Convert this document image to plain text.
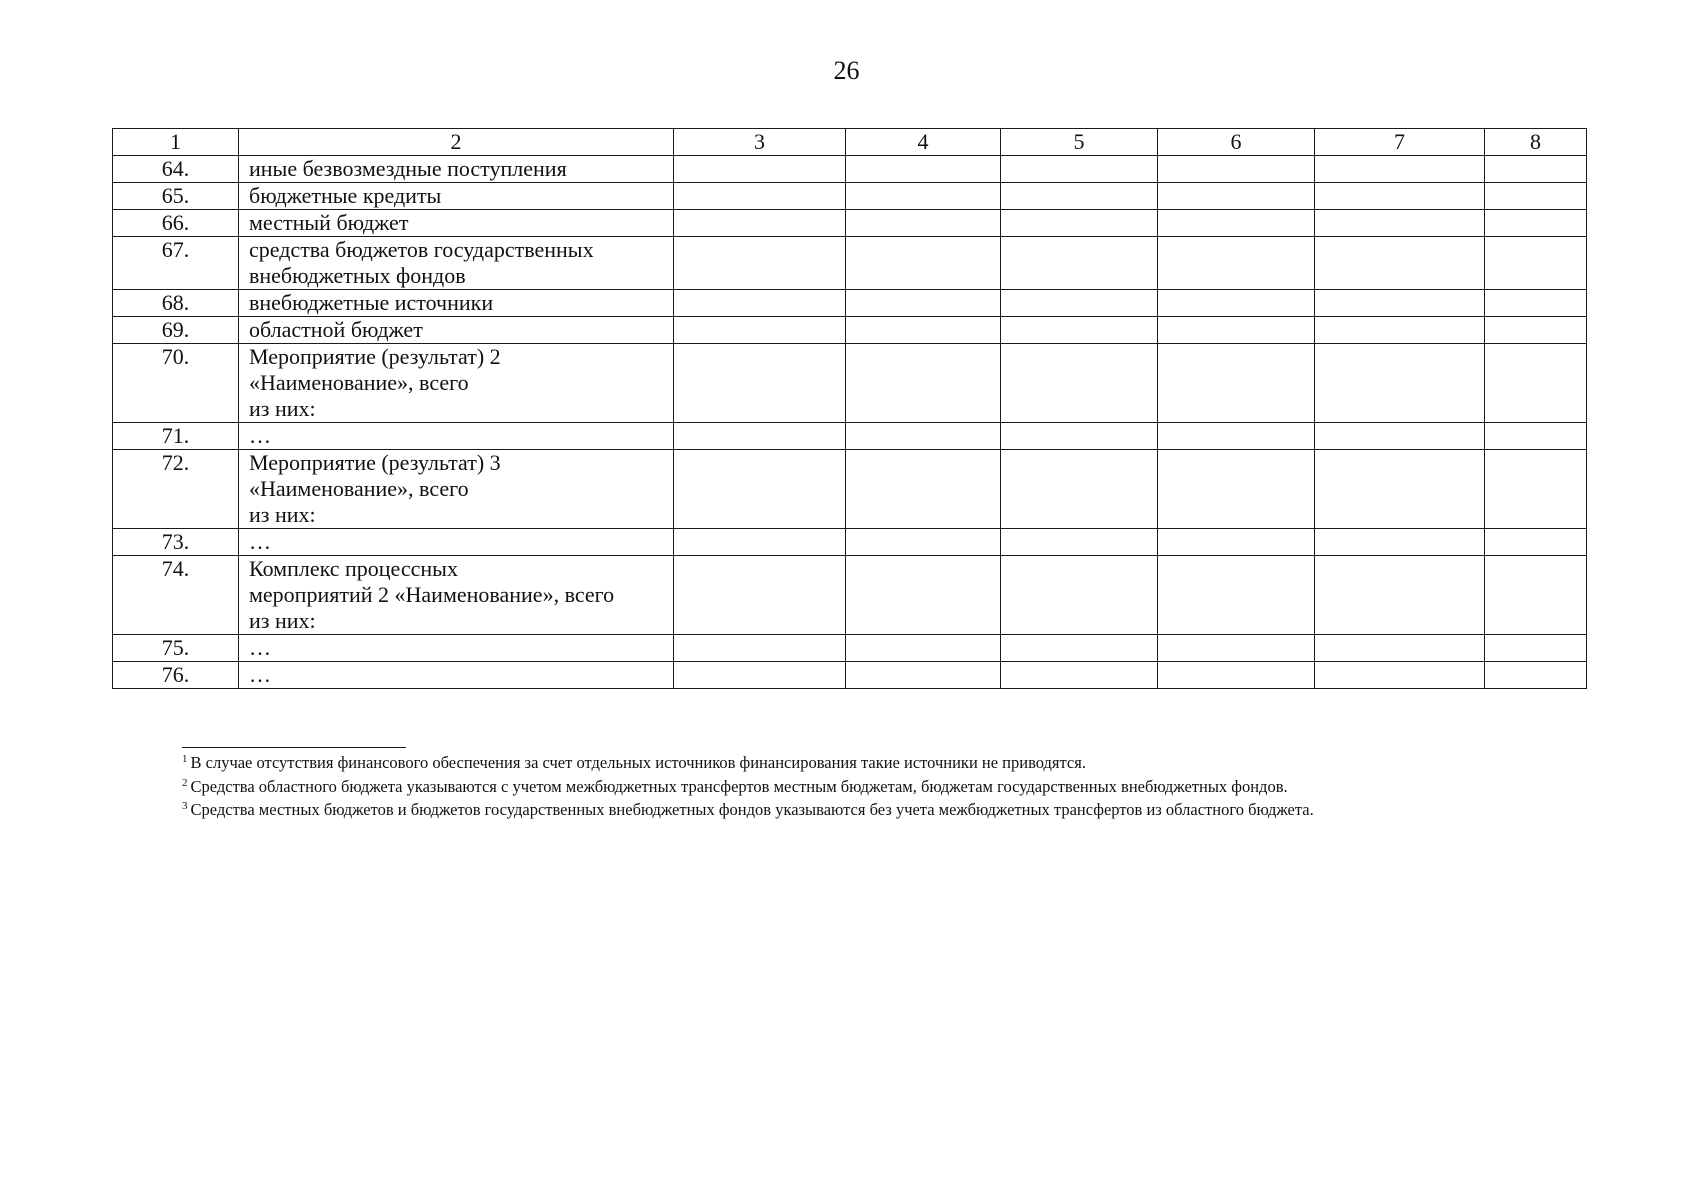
26
1	2	3	4	5	6	7	8
64.	иные безвозмездные поступления						

65.	бюджетные кредиты						

66.	местный бюджет						

67.	средства бюджетов государственных
внебюджетных фондов						

68.	внебюджетные источники						

69.	областной бюджет						

70.	Мероприятие (результат) 2
«Наименование», всего
из них:						

71.	…						

72.	Мероприятие (результат) 3
«Наименование», всего
из них:						

73.	…						

74.	Комплекс процессных
мероприятий 2 «Наименование», всего
из них:						

75.	…						

76.	…						

$^1$ В случае отсутствия финансового обеспечения за счет отдельных источников финансирования такие источники не приводятся.
$^2$ Средства областного бюджета указываются с учетом межбюджетных трансфертов местным бюджетам, бюджетам государственных внебюджетных фондов.
$^3$ Средства местных бюджетов и бюджетов государственных внебюджетных фондов указываются без учета межбюджетных трансфертов из областного бюджета.
